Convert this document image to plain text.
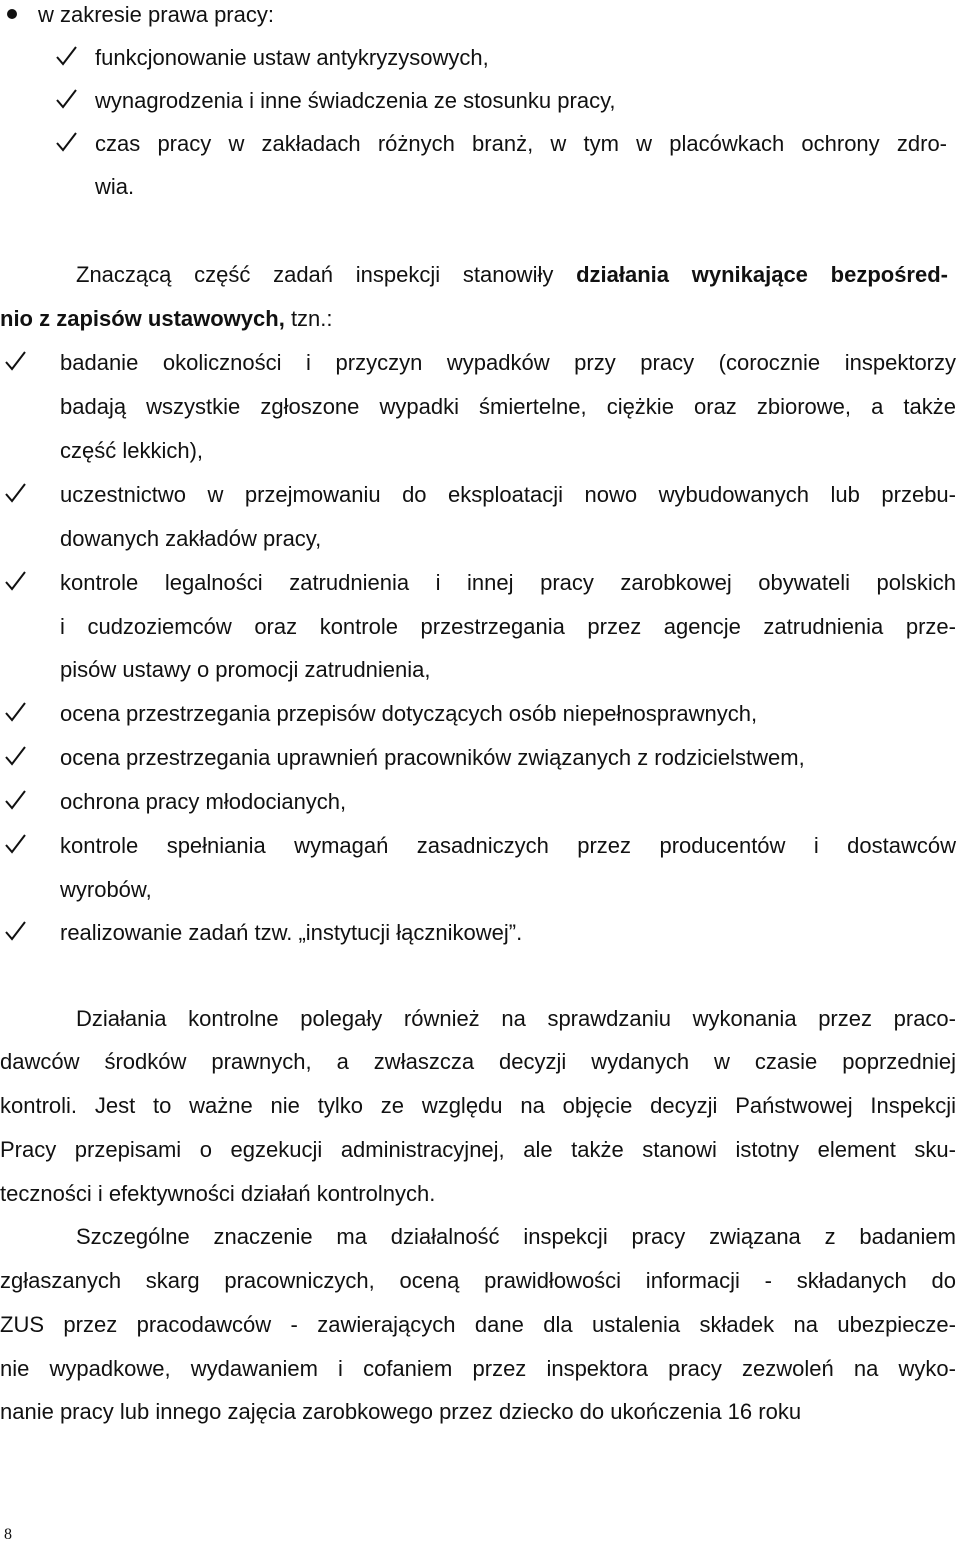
w zakresie prawa pracy:
funkcjonowanie ustaw antykryzysowych,
wynagrodzenia i inne świadczenia ze stosunku pracy,
czas pracy w zakładach różnych branż, w tym w placówkach ochrony zdro-
wia.
Znaczącą część zadań inspekcji stanowiły działania wynikające bezpośred-
nio z zapisów ustawowych, tzn.:
badanie okoliczności i przyczyn wypadków przy pracy (corocznie inspektorzy
badają wszystkie zgłoszone wypadki śmiertelne, ciężkie oraz zbiorowe, a także
część lekkich),
uczestnictwo w przejmowaniu do eksploatacji nowo wybudowanych lub przebu-
dowanych zakładów pracy,
kontrole legalności zatrudnienia i innej pracy zarobkowej obywateli polskich
i cudzoziemców oraz kontrole przestrzegania przez agencje zatrudnienia prze-
pisów ustawy o promocji zatrudnienia,
ocena przestrzegania przepisów dotyczących osób niepełnosprawnych,
ocena przestrzegania uprawnień pracowników związanych z rodzicielstwem,
ochrona pracy młodocianych,
kontrole spełniania wymagań zasadniczych przez producentów i dostawców
wyrobów,
realizowanie zadań tzw. „instytucji łącznikowej”.
Działania kontrolne polegały również na sprawdzaniu wykonania przez praco-
dawców środków prawnych, a zwłaszcza decyzji wydanych w czasie poprzedniej
kontroli. Jest to ważne nie tylko ze względu na objęcie decyzji Państwowej Inspekcji
Pracy przepisami o egzekucji administracyjnej, ale także stanowi istotny element sku-
teczności i efektywności działań kontrolnych.
Szczególne znaczenie ma działalność inspekcji pracy związana z badaniem
zgłaszanych skarg pracowniczych, oceną prawidłowości informacji - składanych do
ZUS przez pracodawców - zawierających dane dla ustalenia składek na ubezpiecze-
nie wypadkowe, wydawaniem i cofaniem przez inspektora pracy zezwoleń na wyko-
nanie pracy lub innego zajęcia zarobkowego przez dziecko do ukończenia 16 roku
8
